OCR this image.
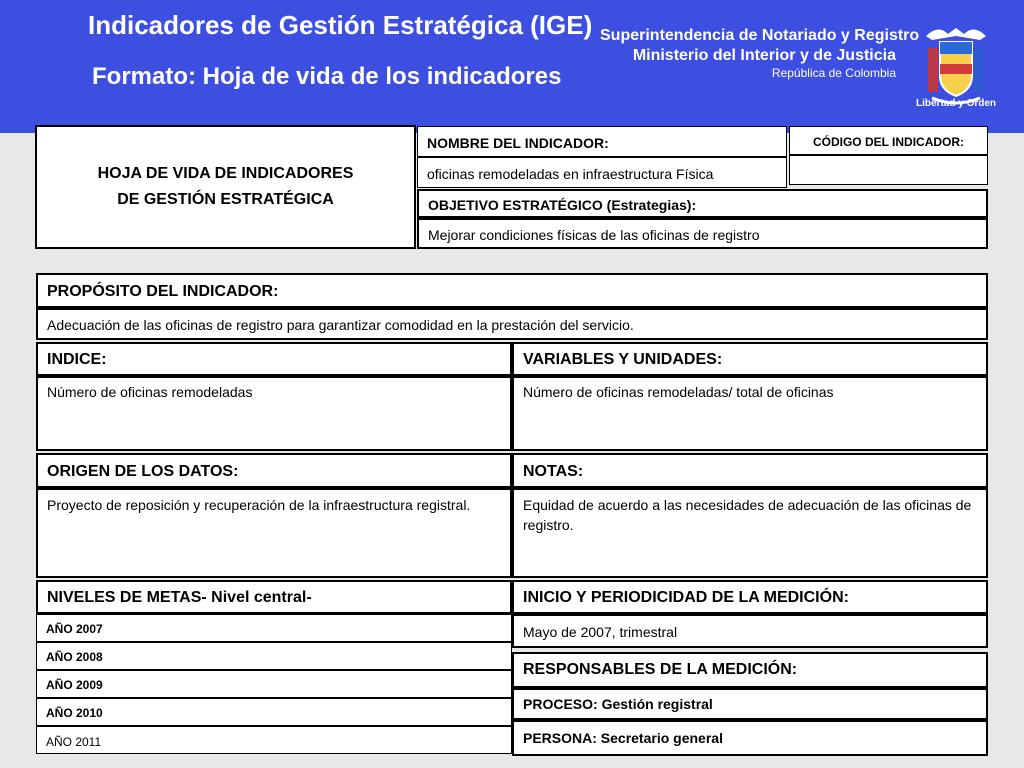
Indicadores de Gestión Estratégica (IGE)
Formato: Hoja de vida de los indicadores
Superintendencia de Notariado y Registro
Ministerio del Interior y de Justicia
República de Colombia
Libertad y Orden
HOJA DE VIDA DE INDICADORES
DE GESTIÓN ESTRATÉGICA
NOMBRE DEL INDICADOR:
oficinas remodeladas en infraestructura Física
CÓDIGO DEL INDICADOR:
OBJETIVO ESTRATÉGICO (Estrategias):
Mejorar condiciones físicas de las oficinas de registro
PROPÓSITO DEL INDICADOR:
Adecuación de las oficinas de registro para garantizar comodidad en la prestación del servicio.
INDICE:
Número de oficinas remodeladas
VARIABLES Y UNIDADES:
Número de oficinas remodeladas/ total de oficinas
ORIGEN DE LOS DATOS:
Proyecto de reposición y recuperación de la infraestructura registral.
NOTAS:
Equidad de acuerdo a las necesidades de adecuación de las oficinas de registro.
NIVELES DE METAS- Nivel central-
AÑO 2007
AÑO 2008
AÑO 2009
AÑO 2010
AÑO 2011
INICIO Y PERIODICIDAD DE LA MEDICIÓN:
Mayo de 2007, trimestral
RESPONSABLES DE LA MEDICIÓN:
PROCESO: Gestión registral
PERSONA: Secretario general
